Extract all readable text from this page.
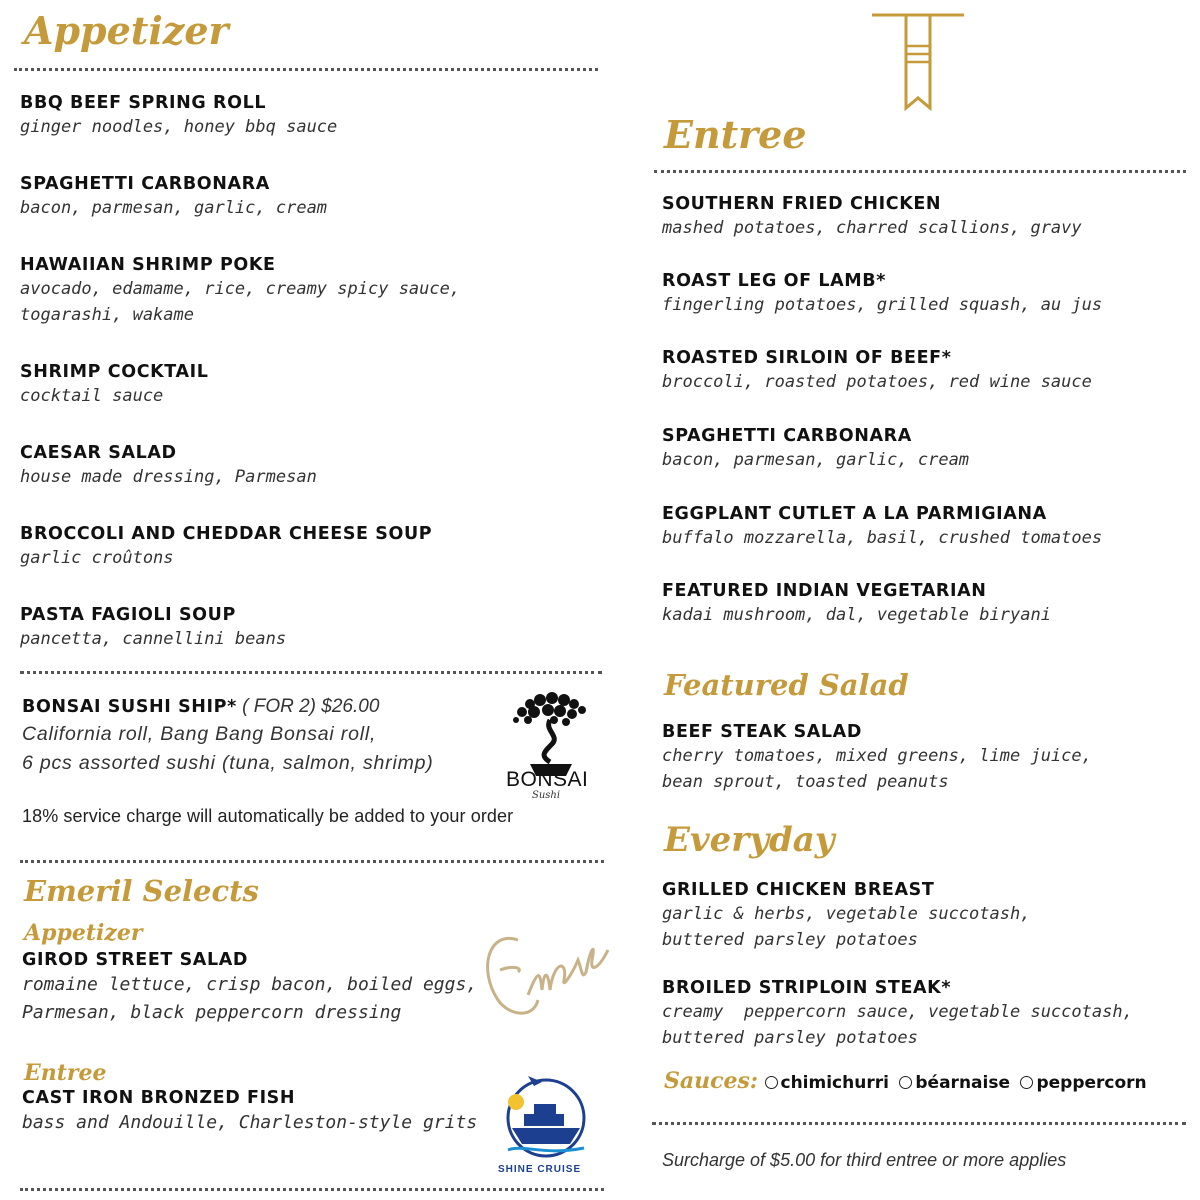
Appetizer
BBQ BEEF SPRING ROLL
ginger noodles, honey bbq sauce
SPAGHETTI CARBONARA
bacon, parmesan, garlic, cream
HAWAIIAN SHRIMP POKE
avocado, edamame, rice, creamy spicy sauce,
togarashi, wakame
SHRIMP COCKTAIL
cocktail sauce
CAESAR SALAD
house made dressing, Parmesan
BROCCOLI AND CHEDDAR CHEESE SOUP
garlic croûtons
PASTA FAGIOLI SOUP
pancetta, cannellini beans
BONSAI SUSHI SHIP* ( FOR 2) $26.00
California roll, Bang Bang Bonsai roll,
6 pcs assorted sushi (tuna, salmon, shrimp)
18% service charge will automatically be added to your order
BONSAI
Sushi
Emeril Selects
Appetizer
GIROD STREET SALAD
romaine lettuce, crisp bacon, boiled eggs,
Parmesan, black peppercorn dressing
Entree
CAST IRON BRONZED FISH
bass and Andouille, Charleston-style grits
SHINE CRUISE
Entree
SOUTHERN FRIED CHICKEN
mashed potatoes, charred scallions, gravy
ROAST LEG OF LAMB*
fingerling potatoes, grilled squash, au jus
ROASTED SIRLOIN OF BEEF*
broccoli, roasted potatoes, red wine sauce
SPAGHETTI CARBONARA
bacon, parmesan, garlic, cream
EGGPLANT CUTLET A LA PARMIGIANA
buffalo mozzarella, basil, crushed tomatoes
FEATURED INDIAN VEGETARIAN
kadai mushroom, dal, vegetable biryani
Featured Salad
BEEF STEAK SALAD
cherry tomatoes, mixed greens, lime juice,
bean sprout, toasted peanuts
Everyday
GRILLED CHICKEN BREAST
garlic & herbs, vegetable succotash,
buttered parsley potatoes
BROILED STRIPLOIN STEAK*
creamy  peppercorn sauce, vegetable succotash,
buttered parsley potatoes
Sauces: chimichurri béarnaise peppercorn
Surcharge of $5.00 for third entree or more applies
